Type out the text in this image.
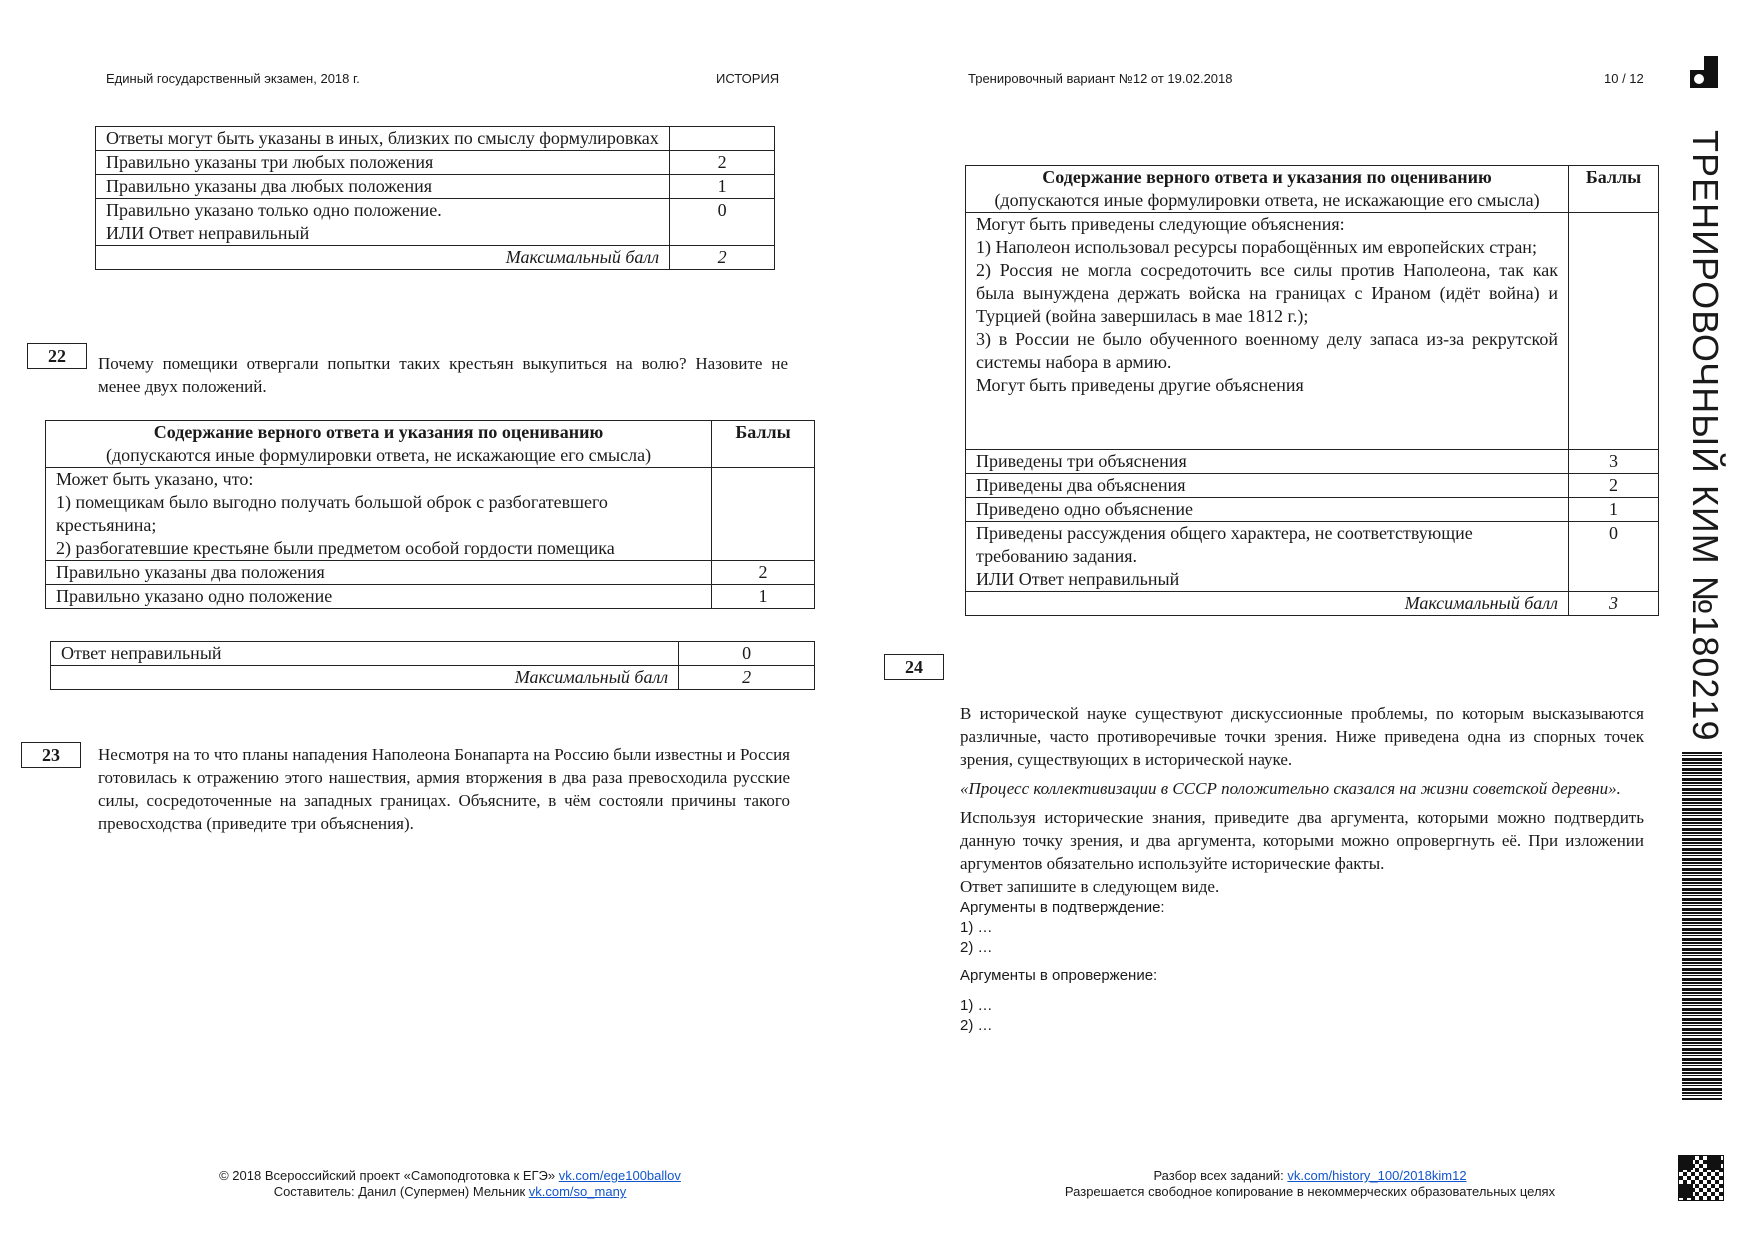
Единый государственный экзамен, 2018 г.	ИСТОРИЯ	Тренировочный вариант №12 от 19.02.2018	10 / 12
Ответы могут быть указаны в иных, близких по смыслу формулировках	
Правильно указаны три любых положения	2
Правильно указаны два любых положения	1

Правильно указано только одно положение.
ИЛИ Ответ неправильный	0
Максимальный балл	2
22	Почему помещики отвергали попытки таких крестьян выкупиться на волю? Назовите не менее двух положений.
Содержание верного ответа и указания по оцениванию
(допускаются иные формулировки ответа, не искажающие его смысла)	Баллы

Может быть указано, что:
1) помещикам было выгодно получать большой оброк с разбогатевшего крестьянина;
2) разбогатевшие крестьяне были предметом особой гордости помещика	

Правильно указаны два положения	2
Правильно указано одно положение	1
Ответ неправильный	0
Максимальный балл	2
23	Несмотря на то что планы нападения Наполеона Бонапарта на Россию были известны и Россия готовилась к отражению этого нашествия, армия вторжения в два раза превосходила русские силы, сосредоточенные на западных границах. Объясните, в чём состояли причины такого превосходства (приведите три объяснения).
Содержание верного ответа и указания по оцениванию
(допускаются иные формулировки ответа, не искажающие его смысла)	Баллы

Могут быть приведены следующие объяснения:
1) Наполеон использовал ресурсы порабощённых им европейских стран;
2) Россия не могла сосредоточить все силы против Наполеона, так как была вынуждена держать войска на границах с Ираном (идёт война) и Турцией (война завершилась в мае 1812 г.);
3) в России не было обученного военному делу запаса из-за рекрутской системы набора в армию.
Могут быть приведены другие объяснения	

Приведены три объяснения	3
Приведены два объяснения	2
Приведено одно объяснение	1

Приведены рассуждения общего характера, не соответствующие требованию задания.
ИЛИ Ответ неправильный	0
Максимальный балл	3
24

В исторической науке существуют дискуссионные проблемы, по которым высказываются различные, часто противоречивые точки зрения. Ниже приведена одна из спорных точек зрения, существующих в исторической науке.

«Процесс коллективизации в СССР положительно сказался на жизни советской деревни».

Используя исторические знания, приведите два аргумента, которыми можно подтвердить данную точку зрения, и два аргумента, которыми можно опровергнуть её. При изложении аргументов обязательно используйте исторические факты.

Ответ запишите в следующем виде.
Аргументы в подтверждение:
1) …
2) …
Аргументы в опровержение:
1) …
2) …
© 2018 Всероссийский проект «Самоподготовка к ЕГЭ» vk.com/ege100ballov
Составитель: Данил (Супермен) Мельник vk.com/so_many
Разбор всех заданий: vk.com/history_100/2018kim12
Разрешается свободное копирование в некоммерческих образовательных целях
ТРЕНИРОВОЧНЫЙ КИМ №180219
